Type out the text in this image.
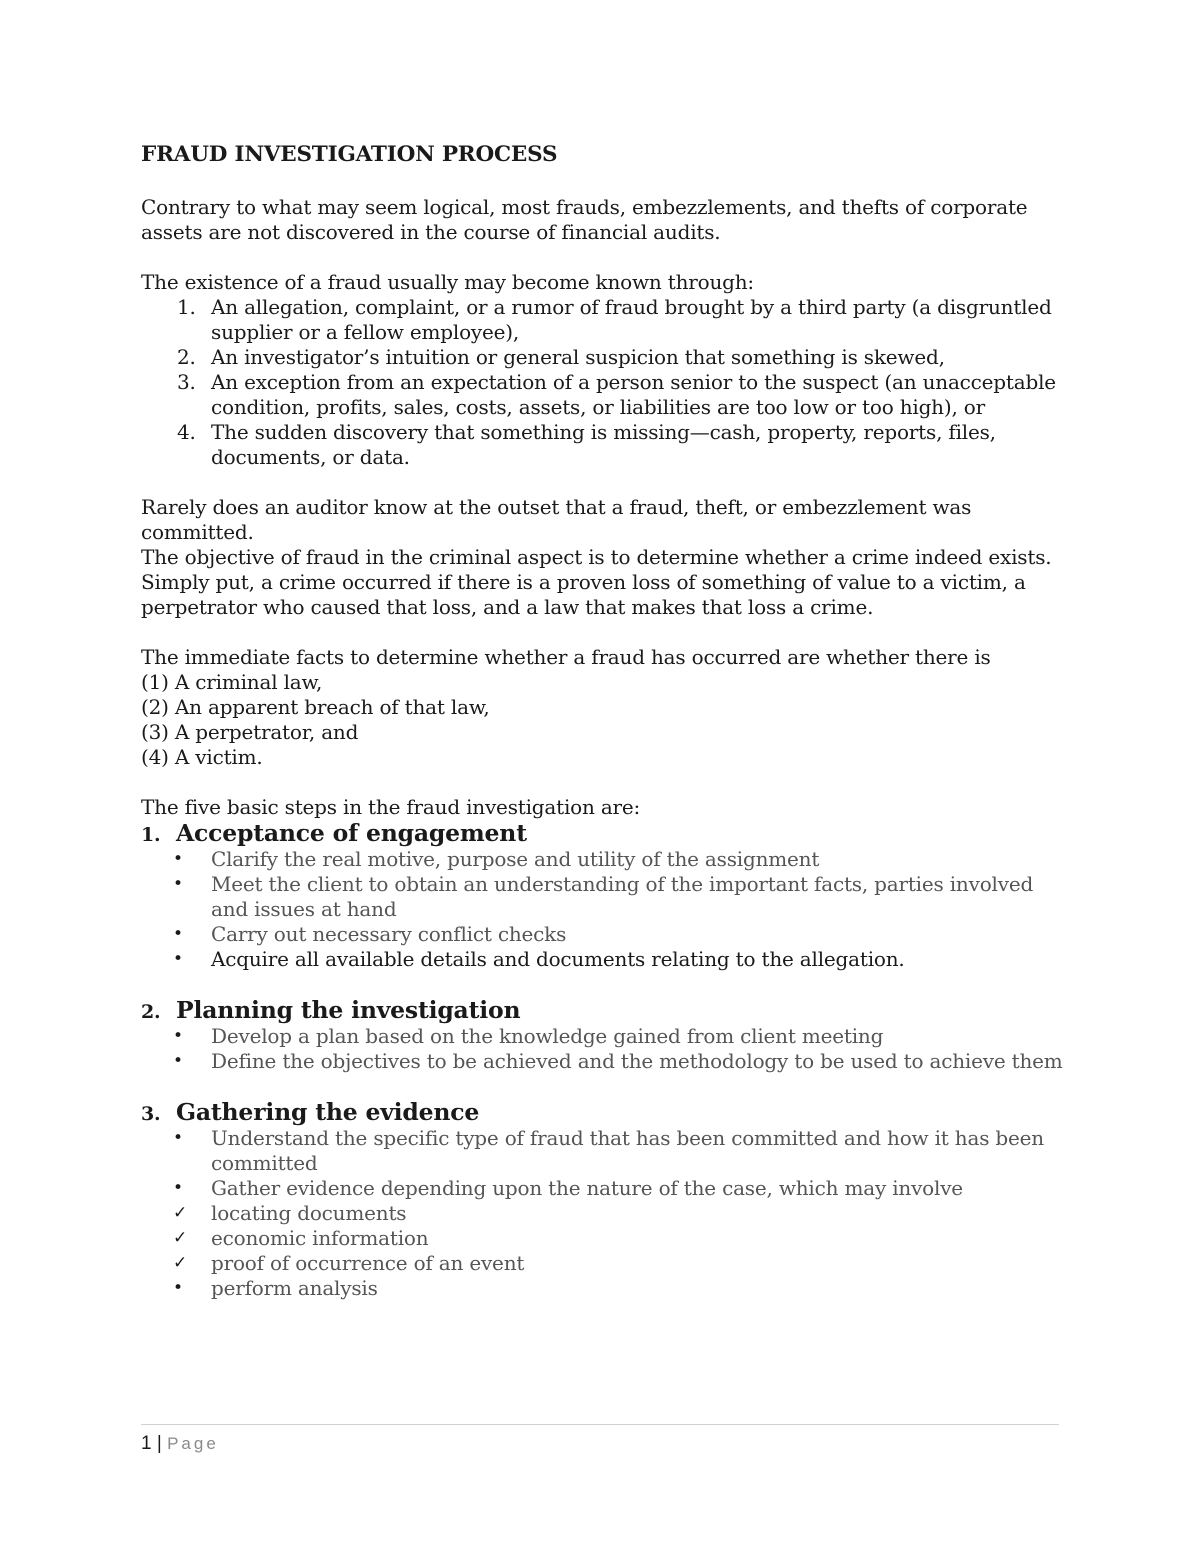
FRAUD INVESTIGATION PROCESS

Contrary to what may seem logical, most frauds, embezzlements, and thefts of corporate assets are not discovered in the course of financial audits.

The existence of a fraud usually may become known through:

1. An allegation, complaint, or a rumor of fraud brought by a third party (a disgruntled supplier or a fellow employee),
2. An investigator’s intuition or general suspicion that something is skewed,
3. An exception from an expectation of a person senior to the suspect (an unacceptable condition, profits, sales, costs, assets, or liabilities are too low or too high), or
4. The sudden discovery that something is missing—cash, property, reports, files, documents, or data.

Rarely does an auditor know at the outset that a fraud, theft, or embezzlement was committed.

The objective of fraud in the criminal aspect is to determine whether a crime indeed exists. Simply put, a crime occurred if there is a proven loss of something of value to a victim, a perpetrator who caused that loss, and a law that makes that loss a crime.

The immediate facts to determine whether a fraud has occurred are whether there is

(1) A criminal law,
(2) An apparent breach of that law,
(3) A perpetrator, and
(4) A victim.

The five basic steps in the fraud investigation are:

1. Acceptance of engagement
• Clarify the real motive, purpose and utility of the assignment
• Meet the client to obtain an understanding of the important facts, parties involved and issues at hand
• Carry out necessary conflict checks
• Acquire all available details and documents relating to the allegation.
2. Planning the investigation
• Develop a plan based on the knowledge gained from client meeting
• Define the objectives to be achieved and the methodology to be used to achieve them
3. Gathering the evidence
• Understand the specific type of fraud that has been committed and how it has been committed
• Gather evidence depending upon the nature of the case, which may involve
✓ locating documents
✓ economic information
✓ proof of occurrence of an event
• perform analysis
1 | Page
